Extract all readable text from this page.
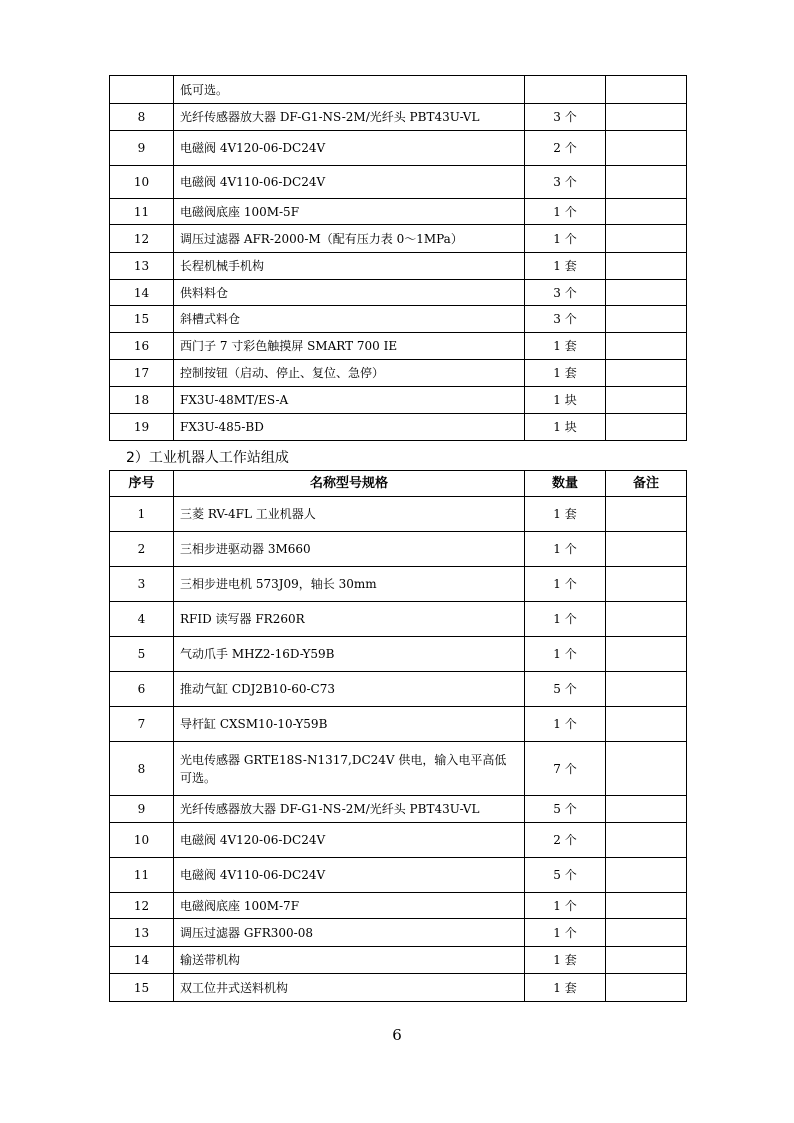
	低可选。		
8	光纤传感器放大器 DF-G1-NS-2M/光纤头 PBT43U-VL	3 个	
9	电磁阀 4V120-06-DC24V	2 个	
10	电磁阀 4V110-06-DC24V	3 个	
11	电磁阀底座 100M-5F	1 个	
12	调压过滤器 AFR-2000-M（配有压力表 0～1MPa）	1 个	
13	长程机械手机构	1 套	
14	供料料仓	3 个	
15	斜槽式料仓	3 个	
16	西门子 7 寸彩色触摸屏 SMART 700 IE	1 套	
17	控制按钮（启动、停止、复位、急停）	1 套	
18	FX3U-48MT/ES-A	1 块	
19	FX3U-485-BD	1 块	
2）工业机器人工作站组成
序号	名称型号规格	数量	备注
1	三菱 RV-4FL 工业机器人	1 套	
2	三相步进驱动器 3M660	1 个	
3	三相步进电机 573J09，轴长 30mm	1 个	
4	RFID 读写器 FR260R	1 个	
5	气动爪手 MHZ2-16D-Y59B	1 个	
6	推动气缸 CDJ2B10-60-C73	5 个	
7	导杆缸 CXSM10-10-Y59B	1 个	
8	光电传感器 GRTE18S-N1317,DC24V 供电，输入电平高低可选。	7 个	
9	光纤传感器放大器 DF-G1-NS-2M/光纤头 PBT43U-VL	5 个	
10	电磁阀 4V120-06-DC24V	2 个	
11	电磁阀 4V110-06-DC24V	5 个	
12	电磁阀底座 100M-7F	1 个	
13	调压过滤器 GFR300-08	1 个	
14	输送带机构	1 套	
15	双工位井式送料机构	1 套	
6
